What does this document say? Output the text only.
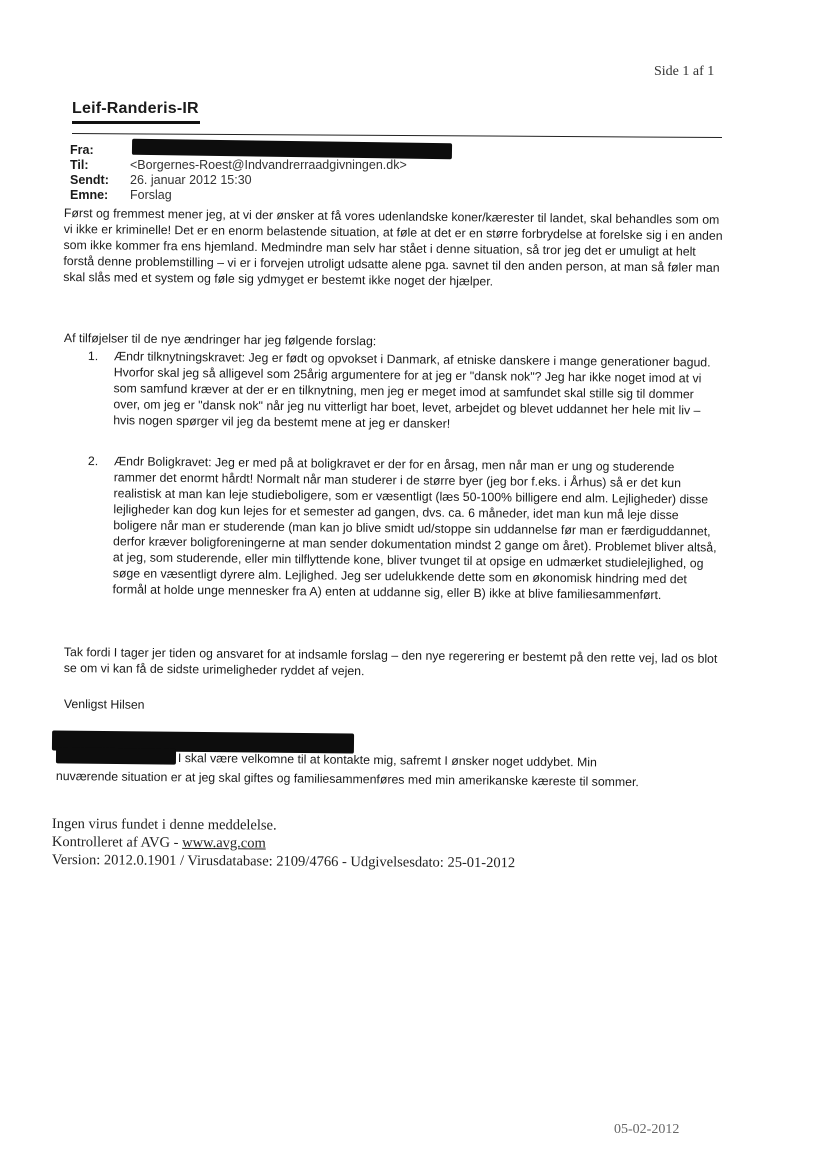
Side 1 af 1
Leif-Randeris-IR
Fra:
Til:	<Borgernes-Roest@Indvandrerraadgivningen.dk>
Sendt: 26. januar 2012 15:30
Emne: Forslag

Først og fremmest mener jeg, at vi der ønsker at få vores udenlandske koner/kærester til landet, skal behandles som om vi ikke er kriminelle! Det er en enorm belastende situation, at føle at det er en større forbrydelse at forelske sig i en anden som ikke kommer fra ens hjemland. Medmindre man selv har stået i denne situation, så tror jeg det er umuligt at helt forstå denne problemstilling – vi er i forvejen utroligt udsatte alene pga. savnet til den anden person, at man så føler man skal slås med et system og føle sig ydmyget er bestemt ikke noget der hjælper.

Af tilføjelser til de nye ændringer har jeg følgende forslag:

1. Ændr tilknytningskravet: Jeg er født og opvokset i Danmark, af etniske danskere i mange generationer bagud. Hvorfor skal jeg så alligevel som 25årig argumentere for at jeg er "dansk nok"? Jeg har ikke noget imod at vi som samfund kræver at der er en tilknytning, men jeg er meget imod at samfundet skal stille sig til dommer over, om jeg er "dansk nok" når jeg nu vitterligt har boet, levet, arbejdet og blevet uddannet her hele mit liv – hvis nogen spørger vil jeg da bestemt mene at jeg er dansker!
2. Ændr Boligkravet: Jeg er med på at boligkravet er der for en årsag, men når man er ung og studerende rammer det enormt hårdt! Normalt når man studerer i de større byer (jeg bor f.eks. i Århus) så er det kun realistisk at man kan leje studieboligere, som er væsentligt (læs 50-100% billigere end alm. Lejligheder) disse lejligheder kan dog kun lejes for et semester ad gangen, dvs. ca. 6 måneder, idet man kun må leje disse boligere når man er studerende (man kan jo blive smidt ud/stoppe sin uddannelse før man er færdiguddannet, derfor kræver boligforeningerne at man sender dokumentation mindst 2 gange om året). Problemet bliver altså, at jeg, som studerende, eller min tilflyttende kone, bliver tvunget til at opsige en udmærket studielejlighed, og søge en væsentligt dyrere alm. Lejlighed. Jeg ser udelukkende dette som en økonomisk hindring med det formål at holde unge mennesker fra A) enten at uddanne sig, eller B) ikke at blive familiesammenført.

Tak fordi I tager jer tiden og ansvaret for at indsamle forslag – den nye regerering er bestemt på den rette vej, lad os blot se om vi kan få de sidste urimeligheder ryddet af vejen.

Venligst Hilsen

I skal være velkomne til at kontakte mig, safremt I ønsker noget uddybet. Min

nuværende situation er at jeg skal giftes og familiesammenføres med min amerikanske kæreste til sommer.

Ingen virus fundet i denne meddelelse.
Kontrolleret af AVG - www.avg.com
Version: 2012.0.1901 / Virusdatabase: 2109/4766 - Udgivelsesdato: 25-01-2012
05-02-2012
